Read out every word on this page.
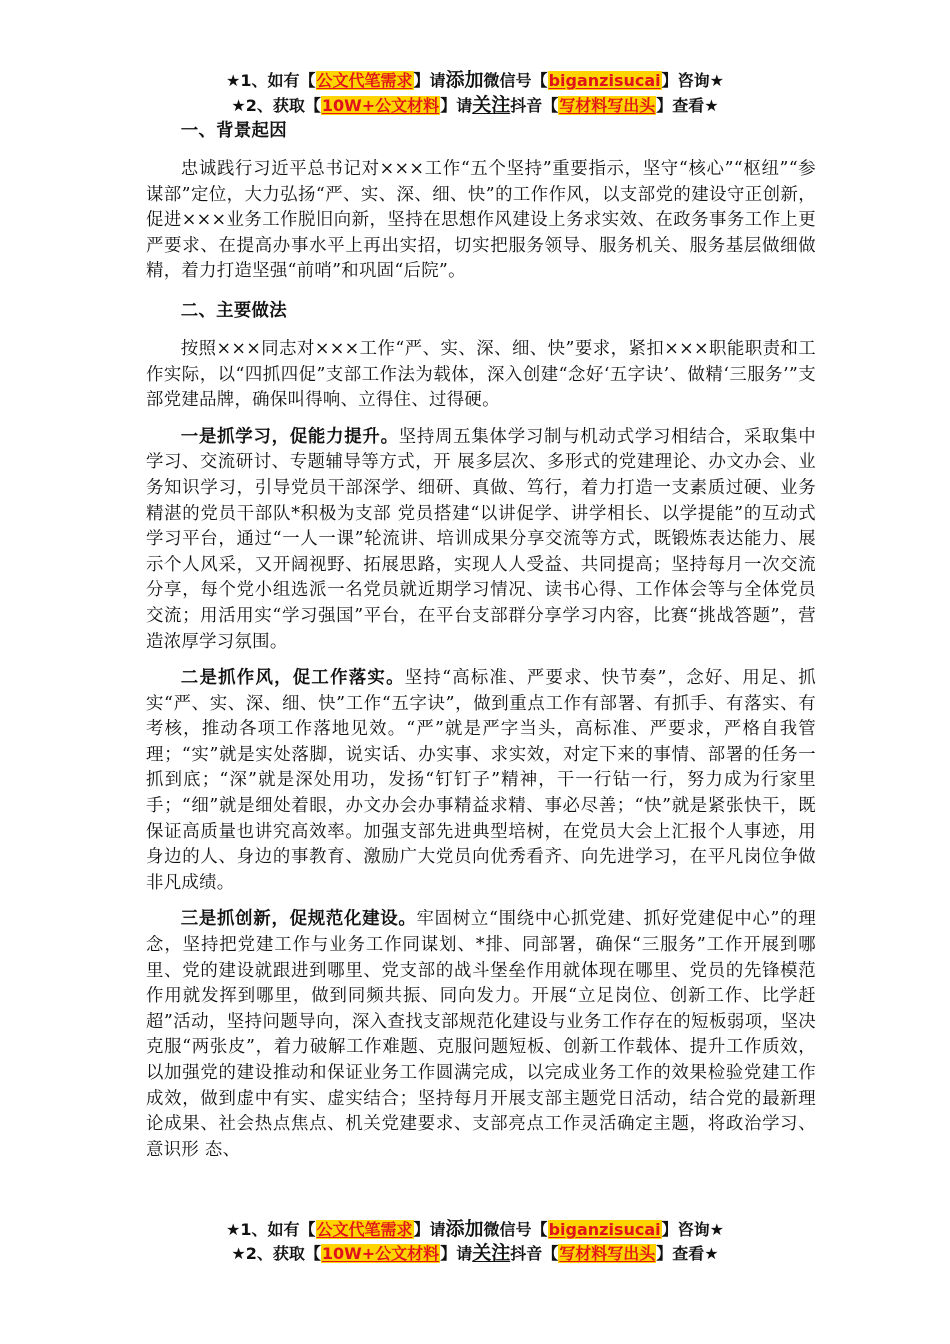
★1、如有【公文代笔需求】请添加微信号【biganzisucai】咨询★
★2、获取【10W+公文材料】请关注抖音【写材料写出头】查看★
一、背景起因

忠诚践行习近平总书记对×××工作“五个坚持”重要指示，坚守“核心”“枢纽”“参谋部”定位，大力弘扬“严、实、深、细、快”的工作作风，以支部党的建设守正创新，促进×××业务工作脱旧向新，坚持在思想作风建设上务求实效、在政务事务工作上更严要求、在提高办事水平上再出实招，切实把服务领导、服务机关、服务基层做细做精，着力打造坚强“前哨”和巩固“后院”。

二、主要做法

按照×××同志对×××工作“严、实、深、细、快”要求，紧扣×××职能职责和工作实际，以“四抓四促”支部工作法为载体，深入创建“念好‘五字诀’、做精‘三服务’”支 部党建品牌，确保叫得响、立得住、过得硬。

一是抓学习，促能力提升。坚持周五集体学习制与机动式学习相结合，采取集中学习、交流研讨、专题辅导等方式，开 展多层次、多形式的党建理论、办文办会、业务知识学习，引导党员干部深学、细研、真做、笃行，着力打造一支素质过硬、业务精湛的党员干部队*积极为支部 党员搭建“以讲促学、讲学相长、以学提能”的互动式学习平台，通过“一人一课”轮流讲、培训成果分享交流等方式，既锻炼表达能力、展示个人风采，又开阔视野、拓展思路，实现人人受益、共同提高；坚持每月一次交流分享，每个党小组选派一名党员就近期学习情况、读书心得、工作体会等与全体党员交流；用活用实“学习强国”平台，在平台支部群分享学习内容，比赛“挑战答题”，营造浓厚学习氛围。

二是抓作风，促工作落实。坚持“高标准、严要求、快节奏”，念好、用足、抓实“严、实、深、细、快”工作“五字诀”，做到重点工作有部署、有抓手、有落实、有考核，推动各项工作落地见效。“严”就是严字当头，高标准、严要求，严格自我管理；“实”就是实处落脚，说实话、办实事、求实效，对定下来的事情、部署的任务一抓到底；“深”就是深处用功，发扬“钉钉子”精神，干一行钻一行，努力成为行家里手；“细”就是细处着眼，办文办会办事精益求精、事必尽善；“快”就是紧张快干，既保证高质量也讲究高效率。加强支部先进典型培树，在党员大会上汇报个人事迹，用身边的人、身边的事教育、激励广大党员向优秀看齐、向先进学习，在平凡岗位争做非凡成绩。

三是抓创新，促规范化建设。牢固树立“围绕中心抓党建、抓好党建促中心”的理念，坚持把党建工作与业务工作同谋划、*排、同部署，确保“三服务”工作开展到哪里、党的建设就跟进到哪里、党支部的战斗堡垒作用就体现在哪里、党员的先锋模范作用就发挥到哪里，做到同频共振、同向发力。开展“立足岗位、创新工作、比学赶超”活动，坚持问题导向，深入查找支部规范化建设与业务工作存在的短板弱项，坚决克服“两张皮”，着力破解工作难题、克服问题短板、创新工作载体、提升工作质效，以加强党的建设推动和保证业务工作圆满完成，以完成业务工作的效果检验党建工作成效，做到虚中有实、虚实结合；坚持每月开展支部主题党日活动，结合党的最新理论成果、社会热点焦点、机关党建要求、支部亮点工作灵活确定主题，将政治学习、意识形 态、

★1、如有【公文代笔需求】请添加微信号【biganzisucai】咨询★
★2、获取【10W+公文材料】请关注抖音【写材料写出头】查看★
